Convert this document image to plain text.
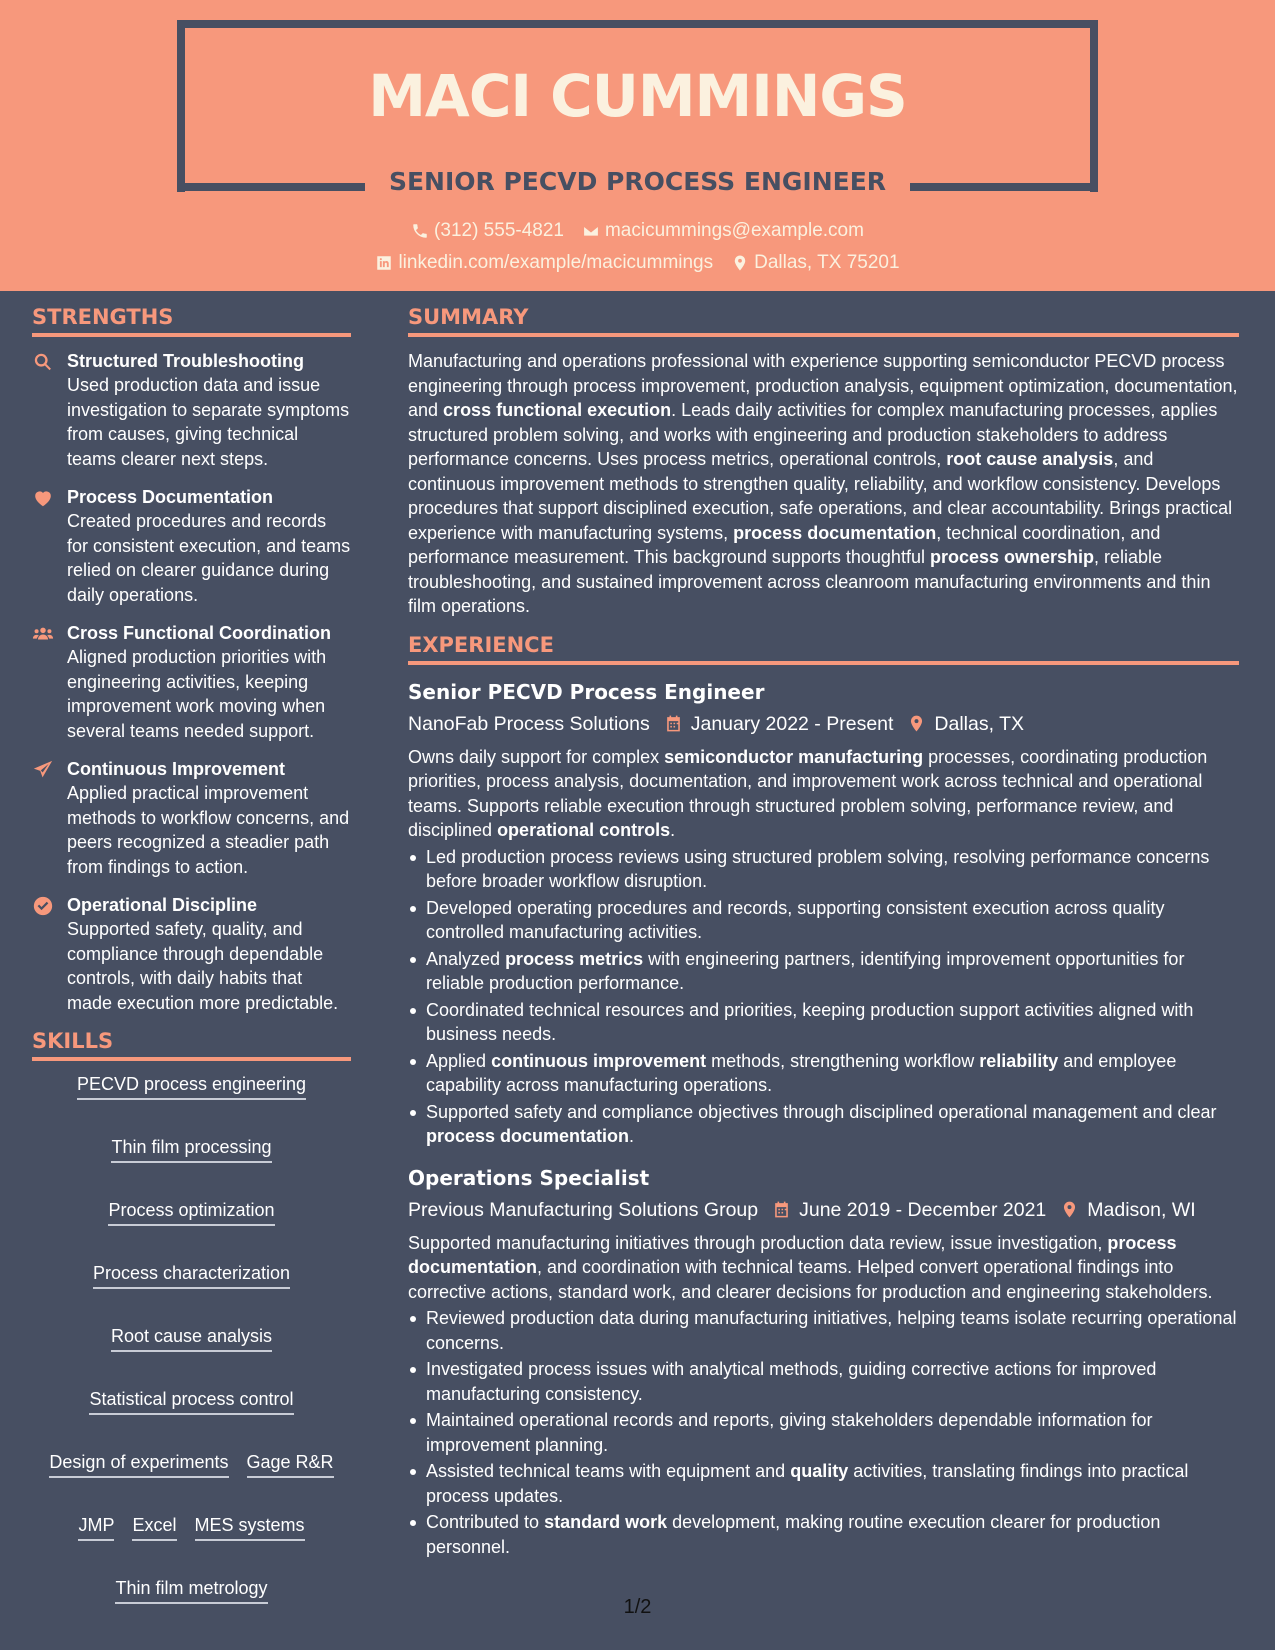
MACI CUMMINGS
SENIOR PECVD PROCESS ENGINEER
(312) 555-4821 macicummings@example.com
linkedin.com/example/macicummings Dallas, TX 75201
STRENGTHS
Structured Troubleshooting
Used production data and issue investigation to separate symptoms from causes, giving technical teams clearer next steps.
Process Documentation
Created procedures and records for consistent execution, and teams relied on clearer guidance during daily operations.
Cross Functional Coordination
Aligned production priorities with engineering activities, keeping improvement work moving when several teams needed support.
Continuous Improvement
Applied practical improvement methods to workflow concerns, and peers recognized a steadier path from findings to action.
Operational Discipline
Supported safety, quality, and compliance through dependable controls, with daily habits that made execution more predictable.
SKILLS
PECVD process engineering
Thin film processing
Process optimization
Process characterization
Root cause analysis
Statistical process control
Design of experiments Gage R&R
JMP Excel MES systems
Thin film metrology
SUMMARY

Manufacturing and operations professional with experience supporting semiconductor PECVD process engineering through process improvement, production analysis, equipment optimization, documentation, and cross functional execution. Leads daily activities for complex manufacturing processes, applies structured problem solving, and works with engineering and production stakeholders to address performance concerns. Uses process metrics, operational controls, root cause analysis, and continuous improvement methods to strengthen quality, reliability, and workflow consistency. Develops procedures that support disciplined execution, safe operations, and clear accountability. Brings practical experience with manufacturing systems, process documentation, technical coordination, and performance measurement. This background supports thoughtful process ownership, reliable troubleshooting, and sustained improvement across cleanroom manufacturing environments and thin film operations.

EXPERIENCE
Senior PECVD Process Engineer
NanoFab Process Solutions January 2022 - Present Dallas, TX

Owns daily support for complex semiconductor manufacturing processes, coordinating production priorities, process analysis, documentation, and improvement work across technical and operational teams. Supports reliable execution through structured problem solving, performance review, and disciplined operational controls.

Led production process reviews using structured problem solving, resolving performance concerns before broader workflow disruption.
Developed operating procedures and records, supporting consistent execution across quality controlled manufacturing activities.
Analyzed process metrics with engineering partners, identifying improvement opportunities for reliable production performance.
Coordinated technical resources and priorities, keeping production support activities aligned with business needs.
Applied continuous improvement methods, strengthening workflow reliability and employee capability across manufacturing operations.
Supported safety and compliance objectives through disciplined operational management and clear process documentation.
Operations Specialist
Previous Manufacturing Solutions Group June 2019 - December 2021 Madison, WI

Supported manufacturing initiatives through production data review, issue investigation, process documentation, and coordination with technical teams. Helped convert operational findings into corrective actions, standard work, and clearer decisions for production and engineering stakeholders.

Reviewed production data during manufacturing initiatives, helping teams isolate recurring operational concerns.
Investigated process issues with analytical methods, guiding corrective actions for improved manufacturing consistency.
Maintained operational records and reports, giving stakeholders dependable information for improvement planning.
Assisted technical teams with equipment and quality activities, translating findings into practical process updates.
Contributed to standard work development, making routine execution clearer for production personnel.
1/2
